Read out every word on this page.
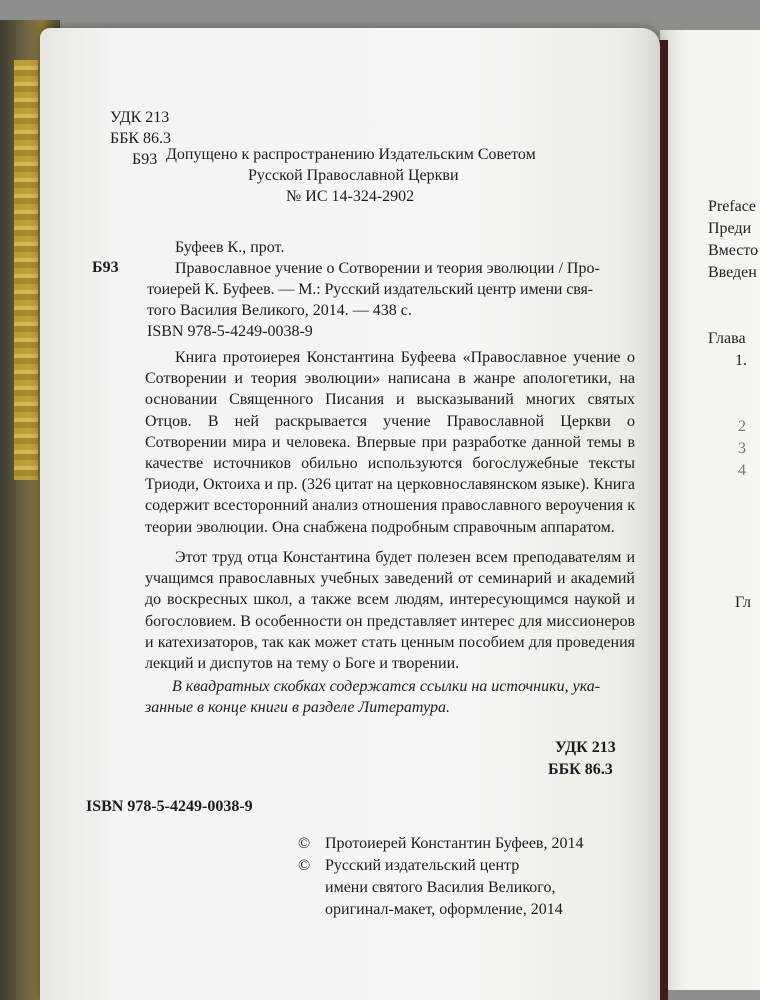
Preface
Преди
Вместо
Введен
Глава
1.
2
3
4
Гл
УДК 213
ББК 86.3
Б93 Допущено к распространению Издательским Советом
Русской Православной Церкви
№ ИС 14-324-2902
Буфеев К., прот.
Б93	Православное учение о Сотворении и теория эволюции / Про-
тоиерей К. Буфеев. — М.: Русский издательский центр имени свя-
того Василия Великого, 2014. — 438 с.
ISBN 978-5-4249-0038-9
Книга протоиерея Константина Буфеева «Православное учение о Сотворении и теория эволюции» написана в жанре апологетики, на основании Священного Писания и высказываний многих святых Отцов. В ней раскрывается учение Православной Церкви о Сотворении мира и человека. Впервые при разработке данной темы в качестве источников обильно используются богослужебные тексты Триоди, Октоиха и пр. (326 цитат на церковнославянском языке). Книга содержит всесторонний анализ отношения православного вероучения к теории эволюции. Она снабжена подробным справочным аппаратом.
Этот труд отца Константина будет полезен всем преподавателям и учащимся православных учебных заведений от семинарий и академий до воскресных школ, а также всем людям, интересующимся наукой и богословием. В особенности он представляет интерес для миссионеров и катехизаторов, так как может стать ценным пособием для проведения лекций и диспутов на тему о Боге и творении.
В квадратных скобках содержатся ссылки на источники, ука-
занные в конце книги в разделе Литература.
УДК 213
ББК 86.3
ISBN 978-5-4249-0038-9
© Протоиерей Константин Буфеев, 2014
© Русский издательский центр
имени святого Василия Великого,
оригинал-макет, оформление, 2014
